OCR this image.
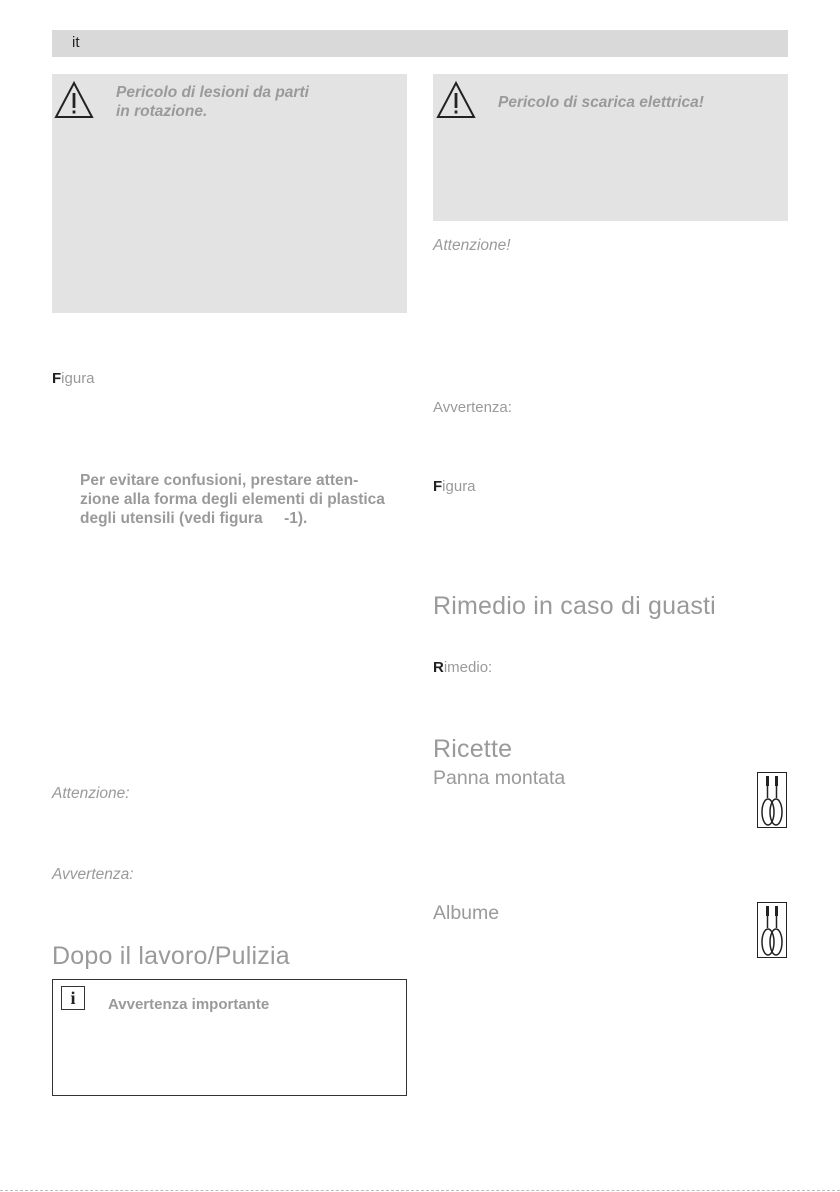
it
Pericolo di lesioni da parti
in rotazione.
Figura
Per evitare confusioni, prestare atten-
zione alla forma degli elementi di plastica
degli utensili (vedi figura     -1).
Attenzione:
Avvertenza:
Dopo il lavoro/Pulizia
i	Avvertenza importante
Pericolo di scarica elettrica!
Attenzione!
Avvertenza:
Figura
Rimedio in caso di guasti
Rimedio:
Ricette
Panna montata
Albume
